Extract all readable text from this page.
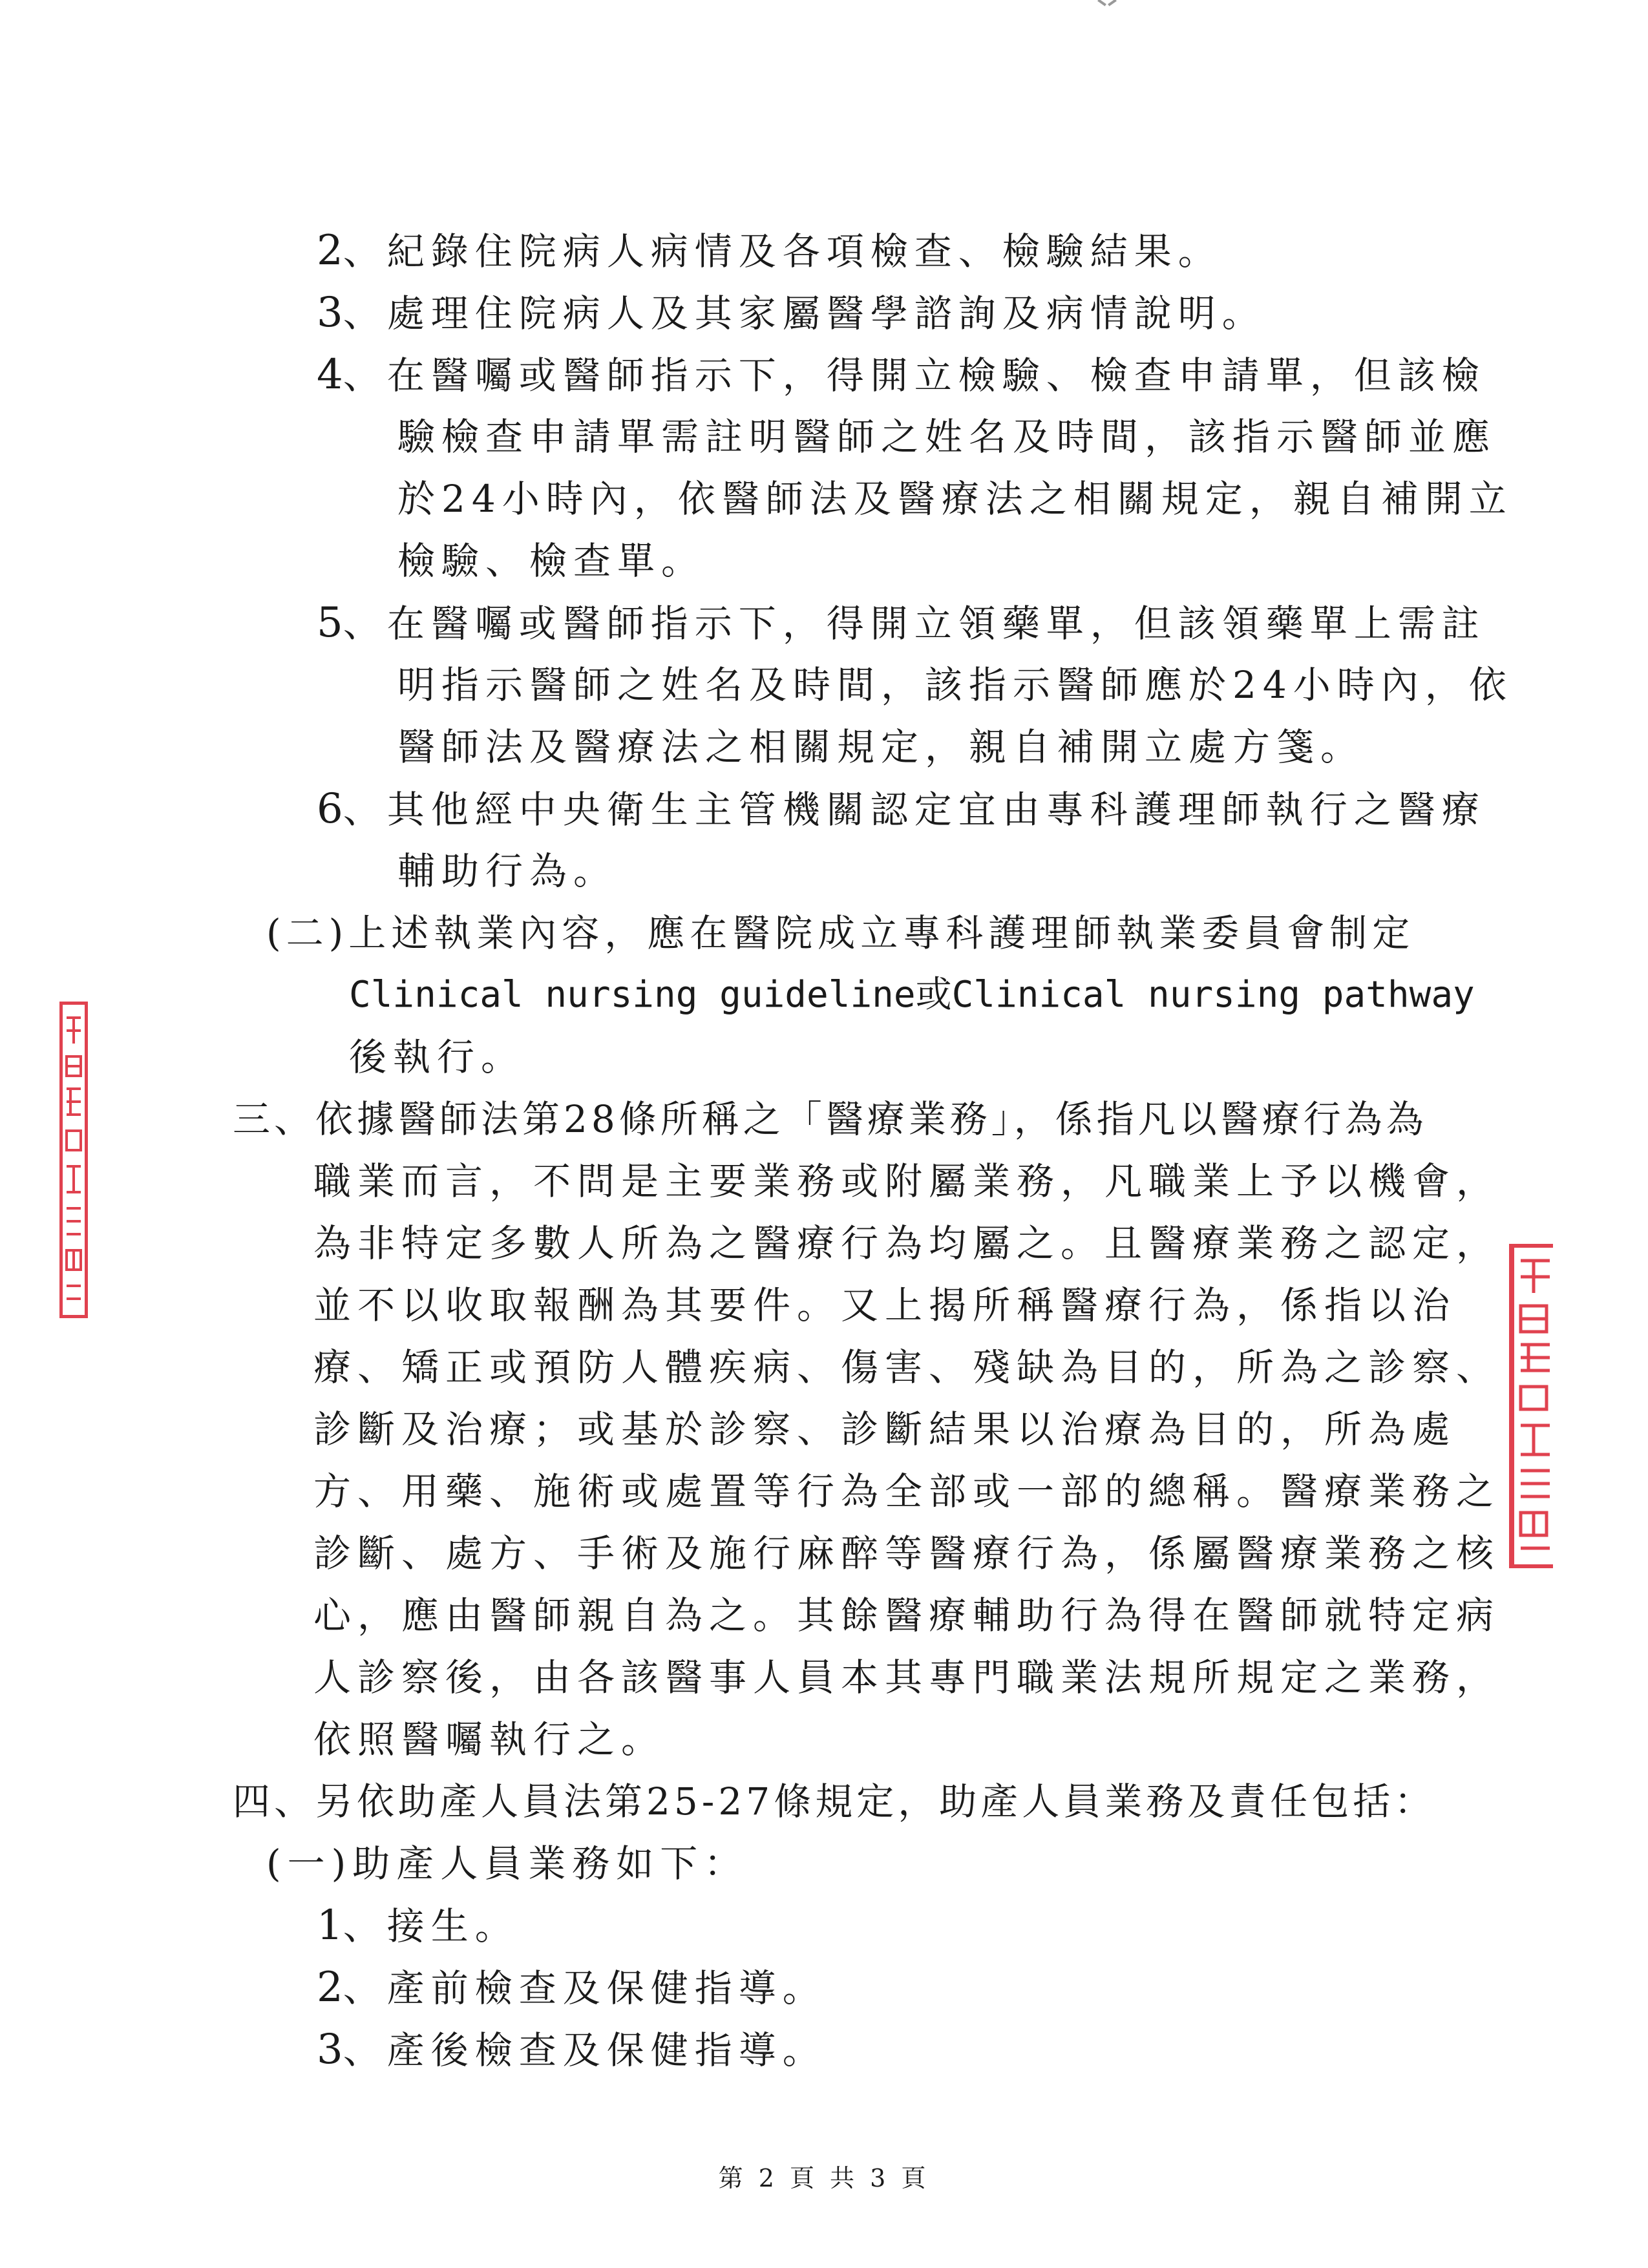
2、紀錄住院病人病情及各項檢查、檢驗結果。
3、處理住院病人及其家屬醫學諮詢及病情說明。
4、在醫囑或醫師指示下，得開立檢驗、檢查申請單，但該檢
驗檢查申請單需註明醫師之姓名及時間，該指示醫師並應
於24小時內，依醫師法及醫療法之相關規定，親自補開立
檢驗、檢查單。
5、在醫囑或醫師指示下，得開立領藥單，但該領藥單上需註
明指示醫師之姓名及時間，該指示醫師應於24小時內，依
醫師法及醫療法之相關規定，親自補開立處方箋。
6、其他經中央衛生主管機關認定宜由專科護理師執行之醫療
輔助行為。
(二)上述執業內容，應在醫院成立專科護理師執業委員會制定
Clinical nursing guideline或Clinical nursing pathway
後執行。
三、依據醫師法第28條所稱之「醫療業務」，係指凡以醫療行為為
職業而言，不問是主要業務或附屬業務，凡職業上予以機會，
為非特定多數人所為之醫療行為均屬之。且醫療業務之認定，
並不以收取報酬為其要件。又上揭所稱醫療行為，係指以治
療、矯正或預防人體疾病、傷害、殘缺為目的，所為之診察、
診斷及治療；或基於診察、診斷結果以治療為目的，所為處
方、用藥、施術或處置等行為全部或一部的總稱。醫療業務之
診斷、處方、手術及施行麻醉等醫療行為，係屬醫療業務之核
心，應由醫師親自為之。其餘醫療輔助行為得在醫師就特定病
人診察後，由各該醫事人員本其專門職業法規所規定之業務，
依照醫囑執行之。
四、另依助產人員法第25-27條規定，助產人員業務及責任包括：
(一)助產人員業務如下：
1、接生。
2、產前檢查及保健指導。
3、產後檢查及保健指導。
第 2 頁 共 3 頁
